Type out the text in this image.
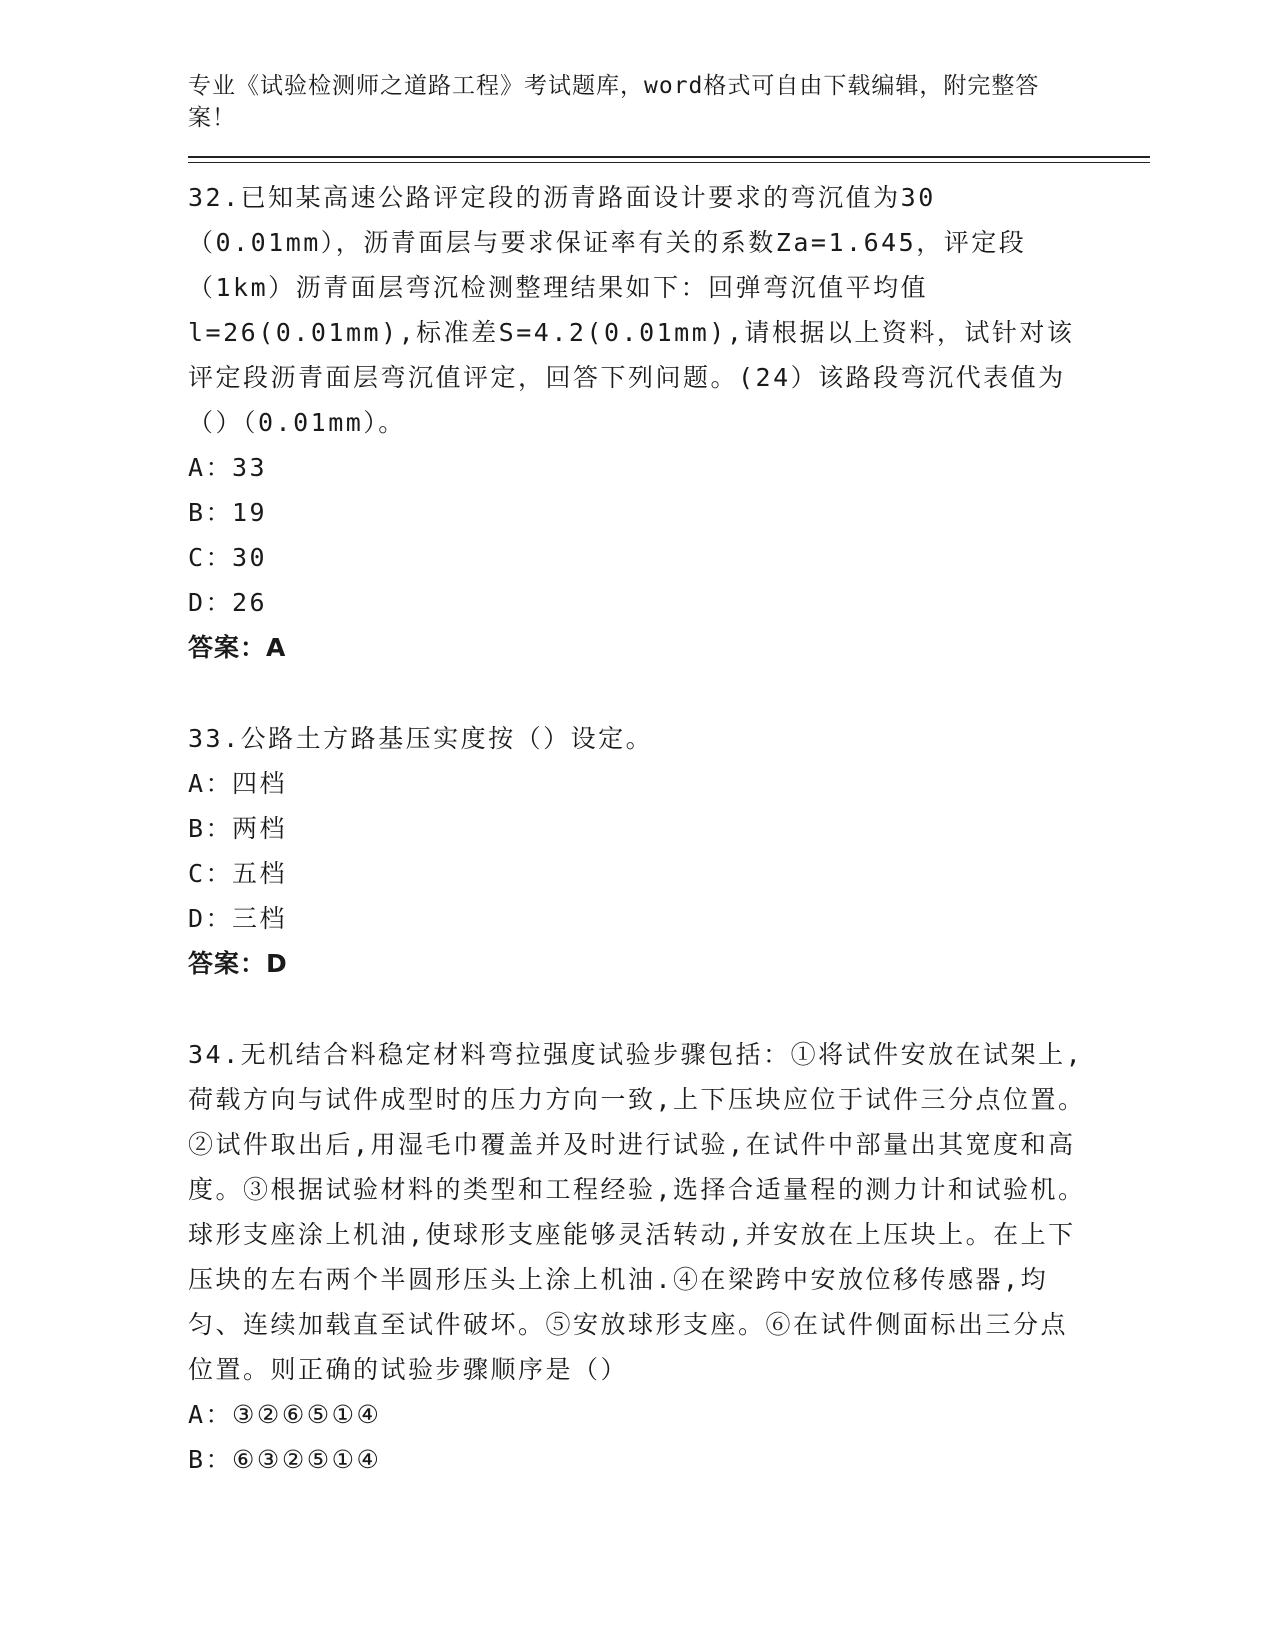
专业《试验检测师之道路工程》考试题库，word格式可自由下载编辑，附完整答案！
32.已知某高速公路评定段的沥青路面设计要求的弯沉值为30（0.01mm），沥青面层与要求保证率有关的系数Za=1.645，评定段（1km）沥青面层弯沉检测整理结果如下：回弹弯沉值平均值l=26(0.01mm),标准差S=4.2(0.01mm),请根据以上资料，试针对该评定段沥青面层弯沉值评定，回答下列问题。(24）该路段弯沉代表值为（）（0.01mm）。
A：33
B：19
C：30
D：26
答案：A
33.公路土方路基压实度按（）设定。
A：四档
B：两档
C：五档
D：三档
答案：D
34.无机结合料稳定材料弯拉强度试验步骤包括：①将试件安放在试架上,荷载方向与试件成型时的压力方向一致,上下压块应位于试件三分点位置。②试件取出后,用湿毛巾覆盖并及时进行试验,在试件中部量出其宽度和高度。③根据试验材料的类型和工程经验,选择合适量程的测力计和试验机。球形支座涂上机油,使球形支座能够灵活转动,并安放在上压块上。在上下压块的左右两个半圆形压头上涂上机油.④在梁跨中安放位移传感器,均匀、连续加载直至试件破坏。⑤安放球形支座。⑥在试件侧面标出三分点位置。则正确的试验步骤顺序是（）
A：③②⑥⑤①④
B：⑥③②⑤①④
